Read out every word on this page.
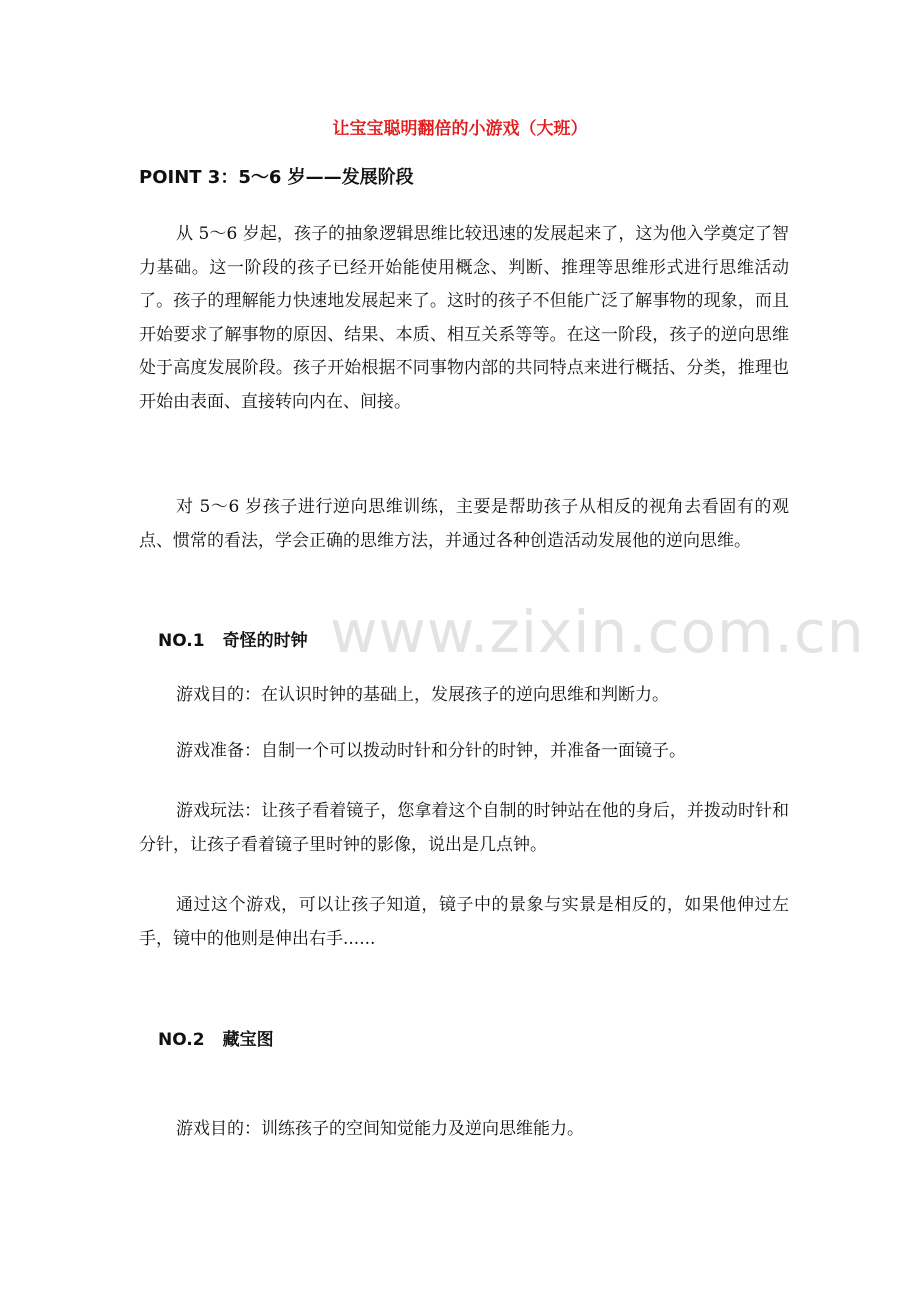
www.zixin.com.cn
让宝宝聪明翻倍的小游戏（大班）
POINT 3：5～6 岁——发展阶段

从 5～6 岁起，孩子的抽象逻辑思维比较迅速的发展起来了，这为他入学奠定了智力基础。这一阶段的孩子已经开始能使用概念、判断、推理等思维形式进行思维活动了。孩子的理解能力快速地发展起来了。这时的孩子不但能广泛了解事物的现象，而且开始要求了解事物的原因、结果、本质、相互关系等等。在这一阶段，孩子的逆向思维处于高度发展阶段。孩子开始根据不同事物内部的共同特点来进行概括、分类，推理也开始由表面、直接转向内在、间接。

对 5～6 岁孩子进行逆向思维训练，主要是帮助孩子从相反的视角去看固有的观点、惯常的看法，学会正确的思维方法，并通过各种创造活动发展他的逆向思维。

NO.1 奇怪的时钟

游戏目的：在认识时钟的基础上，发展孩子的逆向思维和判断力。

游戏准备：自制一个可以拨动时针和分针的时钟，并准备一面镜子。

游戏玩法：让孩子看着镜子，您拿着这个自制的时钟站在他的身后，并拨动时针和分针，让孩子看着镜子里时钟的影像，说出是几点钟。

通过这个游戏，可以让孩子知道，镜子中的景象与实景是相反的，如果他伸过左手，镜中的他则是伸出右手......

NO.2 藏宝图

游戏目的：训练孩子的空间知觉能力及逆向思维能力。
